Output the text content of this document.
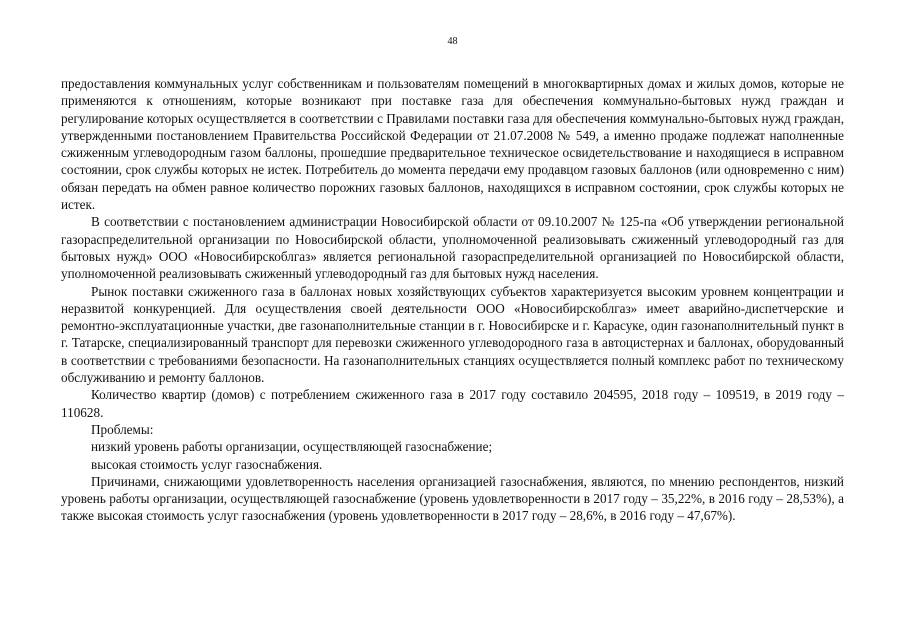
48

предоставления коммунальных услуг собственникам и пользователям помещений в многоквартирных домах и жилых домов, которые не применяются к отношениям, которые возникают при поставке газа для обеспечения коммунально-бытовых нужд граждан и регулирование которых осуществляется в соответствии с Правилами поставки газа для обеспечения коммунально-бытовых нужд граждан, утвержденными постановлением Правительства Российской Федерации от 21.07.2008 № 549, а именно продаже подлежат наполненные сжиженным углеводородным газом баллоны, прошедшие предварительное техническое освидетельствование и находящиеся в исправном состоянии, срок службы которых не истек. Потребитель до момента передачи ему продавцом газовых баллонов (или одновременно с ним) обязан передать на обмен равное количество порожних газовых баллонов, находящихся в исправном состоянии, срок службы которых не истек.

В соответствии с постановлением администрации Новосибирской области от 09.10.2007 № 125-па «Об утверждении региональной газораспределительной организации по Новосибирской области, уполномоченной реализовывать сжиженный углеводородный газ для бытовых нужд» ООО «Новосибирскоблгаз» является региональной газораспределительной организацией по Новосибирской области, уполномоченной реализовывать сжиженный углеводородный газ для бытовых нужд населения.

Рынок поставки сжиженного газа в баллонах новых хозяйствующих субъектов характеризуется высоким уровнем концентрации и неразвитой конкуренцией. Для осуществления своей деятельности ООО «Новосибирскоблгаз» имеет аварийно-диспетчерские и ремонтно-эксплуатационные участки, две газонаполнительные станции в г. Новосибирске и г. Карасуке, один газонаполнительный пункт в г. Татарске, специализированный транспорт для перевозки сжиженного углеводородного газа в автоцистернах и баллонах, оборудованный в соответствии с требованиями безопасности. На газонаполнительных станциях осуществляется полный комплекс работ по техническому обслуживанию и ремонту баллонов.

Количество квартир (домов) с потреблением сжиженного газа в 2017 году составило 204595, 2018 году – 109519, в 2019 году – 110628.

Проблемы:

низкий уровень работы организации, осуществляющей газоснабжение;

высокая стоимость услуг газоснабжения.

Причинами, снижающими удовлетворенность населения организацией газоснабжения, являются, по мнению респондентов, низкий уровень работы организации, осуществляющей газоснабжение (уровень удовлетворенности в 2017 году – 35,22%, в 2016 году – 28,53%), а также высокая стоимость услуг газоснабжения (уровень удовлетворенности в 2017 году – 28,6%, в 2016 году – 47,67%).
